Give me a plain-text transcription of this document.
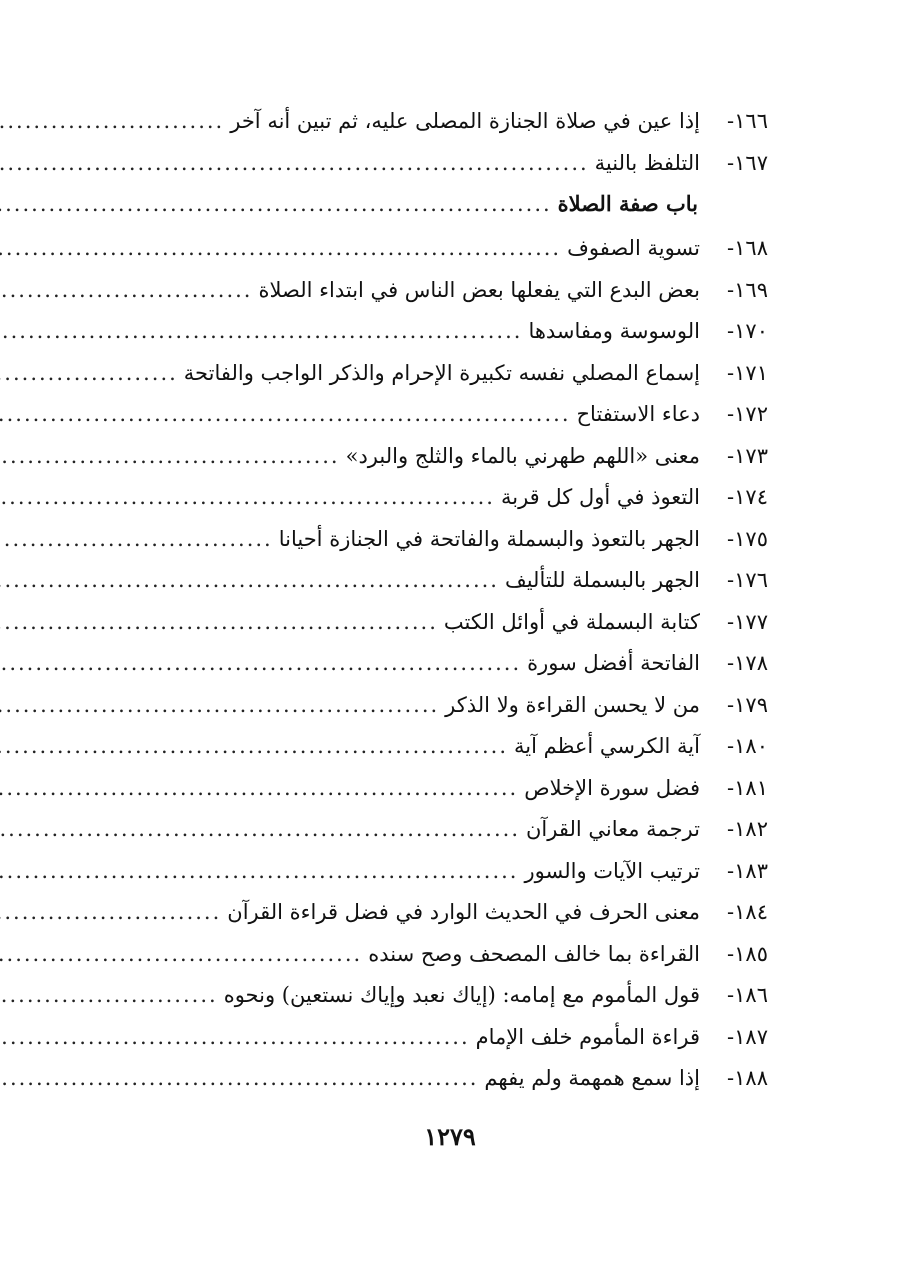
١٦٦-
إذا عين في صلاة الجنازة المصلى عليه، ثم تبين أنه آخر
.....
١٦٧-
التلفظ بالنية
.....
باب صفة الصلاة
.....
١٦٨-
تسوية الصفوف
.....
١٦٩-
بعض البدع التي يفعلها بعض الناس في ابتداء الصلاة
.....
١٧٠-
الوسوسة ومفاسدها
.....
١٧١-
إسماع المصلي نفسه تكبيرة الإحرام والذكر الواجب والفاتحة
.....
١٧٢-
دعاء الاستفتاح
.....
١٧٣-
معنى «اللهم طهرني بالماء والثلج والبرد»
.....
١٧٤-
التعوذ في أول كل قربة
.....
١٧٥-
الجهر بالتعوذ والبسملة والفاتحة في الجنازة أحيانا
.....
١٧٦-
الجهر بالبسملة للتأليف
.....
١٧٧-
كتابة البسملة في أوائل الكتب
.....
١٧٨-
الفاتحة أفضل سورة
.....
١٧٩-
من لا يحسن القراءة ولا الذكر
.....
١٨٠-
آية الكرسي أعظم آية
.....
١٨١-
فضل سورة الإخلاص
.....
١٨٢-
ترجمة معاني القرآن
.....
١٨٣-
ترتيب الآيات والسور
.....
١٨٤-
معنى الحرف في الحديث الوارد في فضل قراءة القرآن
.....
١٨٥-
القراءة بما خالف المصحف وصح سنده
.....
١٨٦-
قول المأموم مع إمامه: (إياك نعبد وإياك نستعين) ونحوه
.....
١٨٧-
قراءة المأموم خلف الإمام
.....
١٨٨-
إذا سمع همهمة ولم يفهم
.....
١٢٧٩
